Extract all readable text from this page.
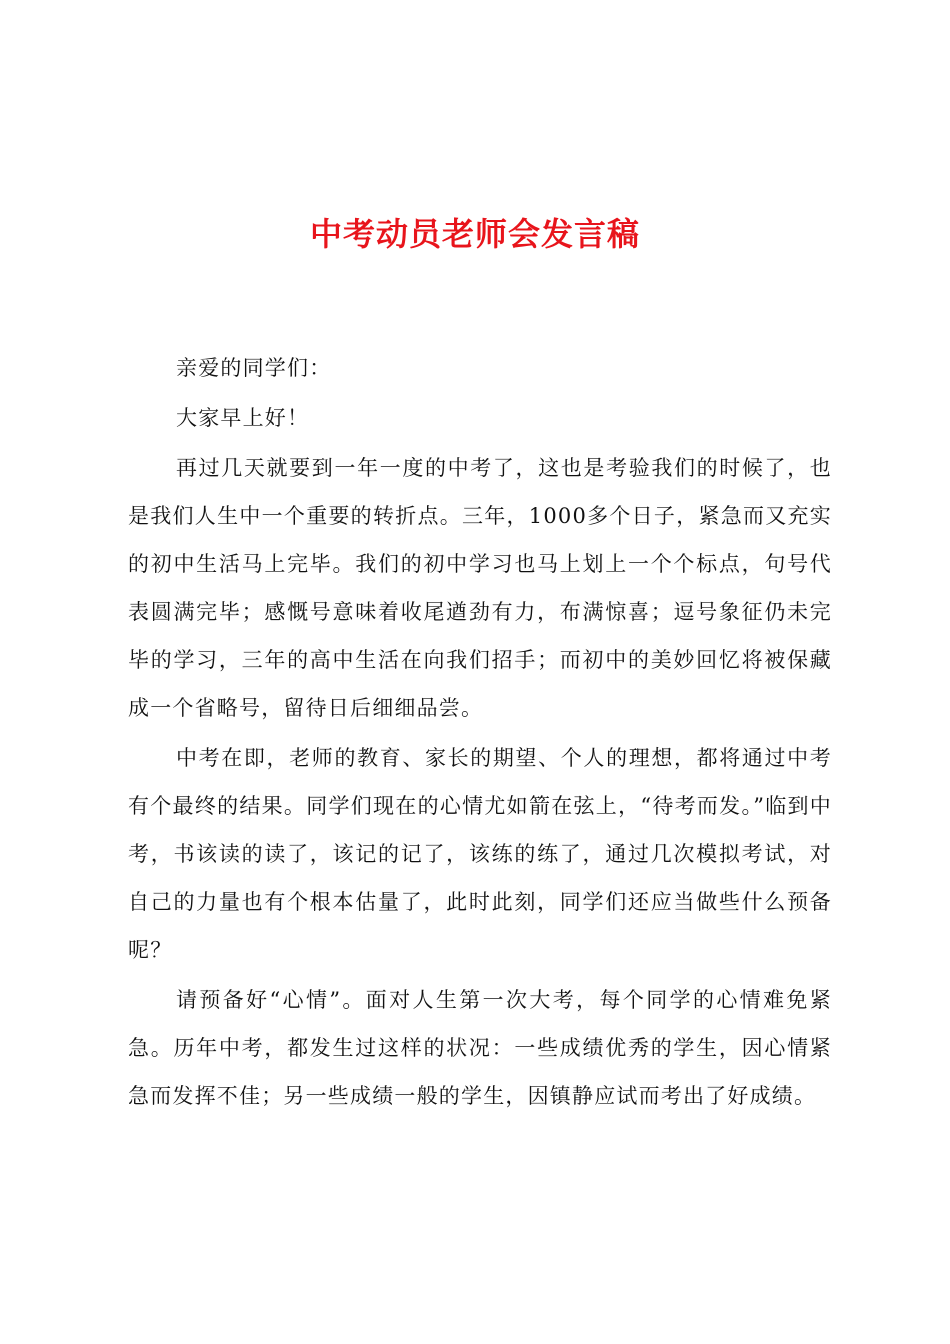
中考动员老师会发言稿

亲爱的同学们：

大家早上好！

再过几天就要到一年一度的中考了，这也是考验我们的时候了，也是我们人生中一个重要的转折点。三年，1000多个日子，紧急而又充实的初中生活马上完毕。我们的初中学习也马上划上一个个标点，句号代表圆满完毕；感慨号意味着收尾遒劲有力，布满惊喜；逗号象征仍未完毕的学习，三年的高中生活在向我们招手；而初中的美妙回忆将被保藏成一个省略号，留待日后细细品尝。

中考在即，老师的教育、家长的期望、个人的理想，都将通过中考有个最终的结果。同学们现在的心情尤如箭在弦上，“待考而发。”临到中考，书该读的读了，该记的记了，该练的练了，通过几次模拟考试，对自己的力量也有个根本估量了，此时此刻，同学们还应当做些什么预备呢？

请预备好“心情”。面对人生第一次大考，每个同学的心情难免紧急。历年中考，都发生过这样的状况：一些成绩优秀的学生，因心情紧急而发挥不佳；另一些成绩一般的学生，因镇静应试而考出了好成绩。
